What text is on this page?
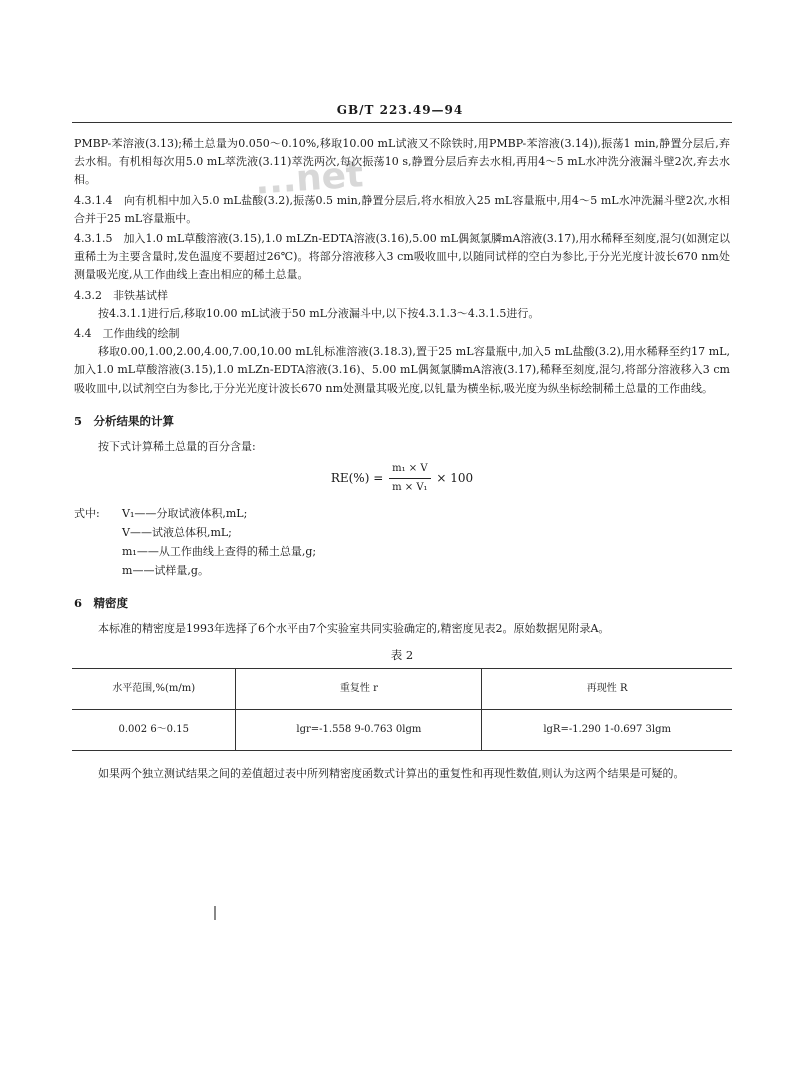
...net
GB/T 223.49—94

PMBP-苯溶液(3.13);稀土总量为0.050～0.10%,移取10.00 mL试液又不除铁时,用PMBP-苯溶液(3.14)),振荡1 min,静置分层后,弃去水相。有机相每次用5.0 mL萃洗液(3.11)萃洗两次,每次振荡10 s,静置分层后弃去水相,再用4～5 mL水冲洗分液漏斗壁2次,弃去水相。

4.3.1.4　 向有机相中加入5.0 mL盐酸(3.2),振荡0.5 min,静置分层后,将水相放入25 mL容量瓶中,用4～5 mL水冲洗漏斗壁2次,水相合并于25 mL容量瓶中。

4.3.1.5　 加入1.0 mL草酸溶液(3.15),1.0 mLZn-EDTA溶液(3.16),5.00 mL偶氮氯膦mA溶液(3.17),用水稀释至刻度,混匀(如测定以重稀土为主要含量时,发色温度不要超过26℃)。将部分溶液移入3 cm吸收皿中,以随同试样的空白为参比,于分光光度计波长670 nm处测量吸光度,从工作曲线上查出相应的稀土总量。

4.3.2　 非铁基试样

按4.3.1.1进行后,移取10.00 mL试液于50 mL分液漏斗中,以下按4.3.1.3～4.3.1.5进行。

4.4　 工作曲线的绘制

移取0.00,1.00,2.00,4.00,7.00,10.00 mL钆标准溶液(3.18.3),置于25 mL容量瓶中,加入5 mL盐酸(3.2),用水稀释至约17 mL,加入1.0 mL草酸溶液(3.15),1.0 mLZn-EDTA溶液(3.16)、5.00 mL偶氮氯膦mA溶液(3.17),稀释至刻度,混匀,将部分溶液移入3 cm吸收皿中,以试剂空白为参比,于分光光度计波长670 nm处测量其吸光度,以钆量为横坐标,吸光度为纵坐标绘制稀土总量的工作曲线。

5　分析结果的计算

按下式计算稀土总量的百分含量:

$RE(\%) = \frac{\text{m₁ × V}}{\text{m × V₁}} \times 100$
式中:	V₁ ——分取试液体积,mL;
V ——试液总体积,mL;
m₁ ——从工作曲线上查得的稀土总量,g;
m ——试样量,g。
6　精密度

本标准的精密度是1993年选择了6个水平由7个实验室共同实验确定的,精密度见表2。原始数据见附录A。

表 2
水平范围,%(m/m)	重复性 r	再现性 R
0.002 6～0.15	lgr=-1.558 9-0.763 0lgm	lgR=-1.290 1-0.697 3lgm

如果两个独立测试结果之间的差值超过表中所列精密度函数式计算出的重复性和再现性数值,则认为这两个结果是可疑的。
